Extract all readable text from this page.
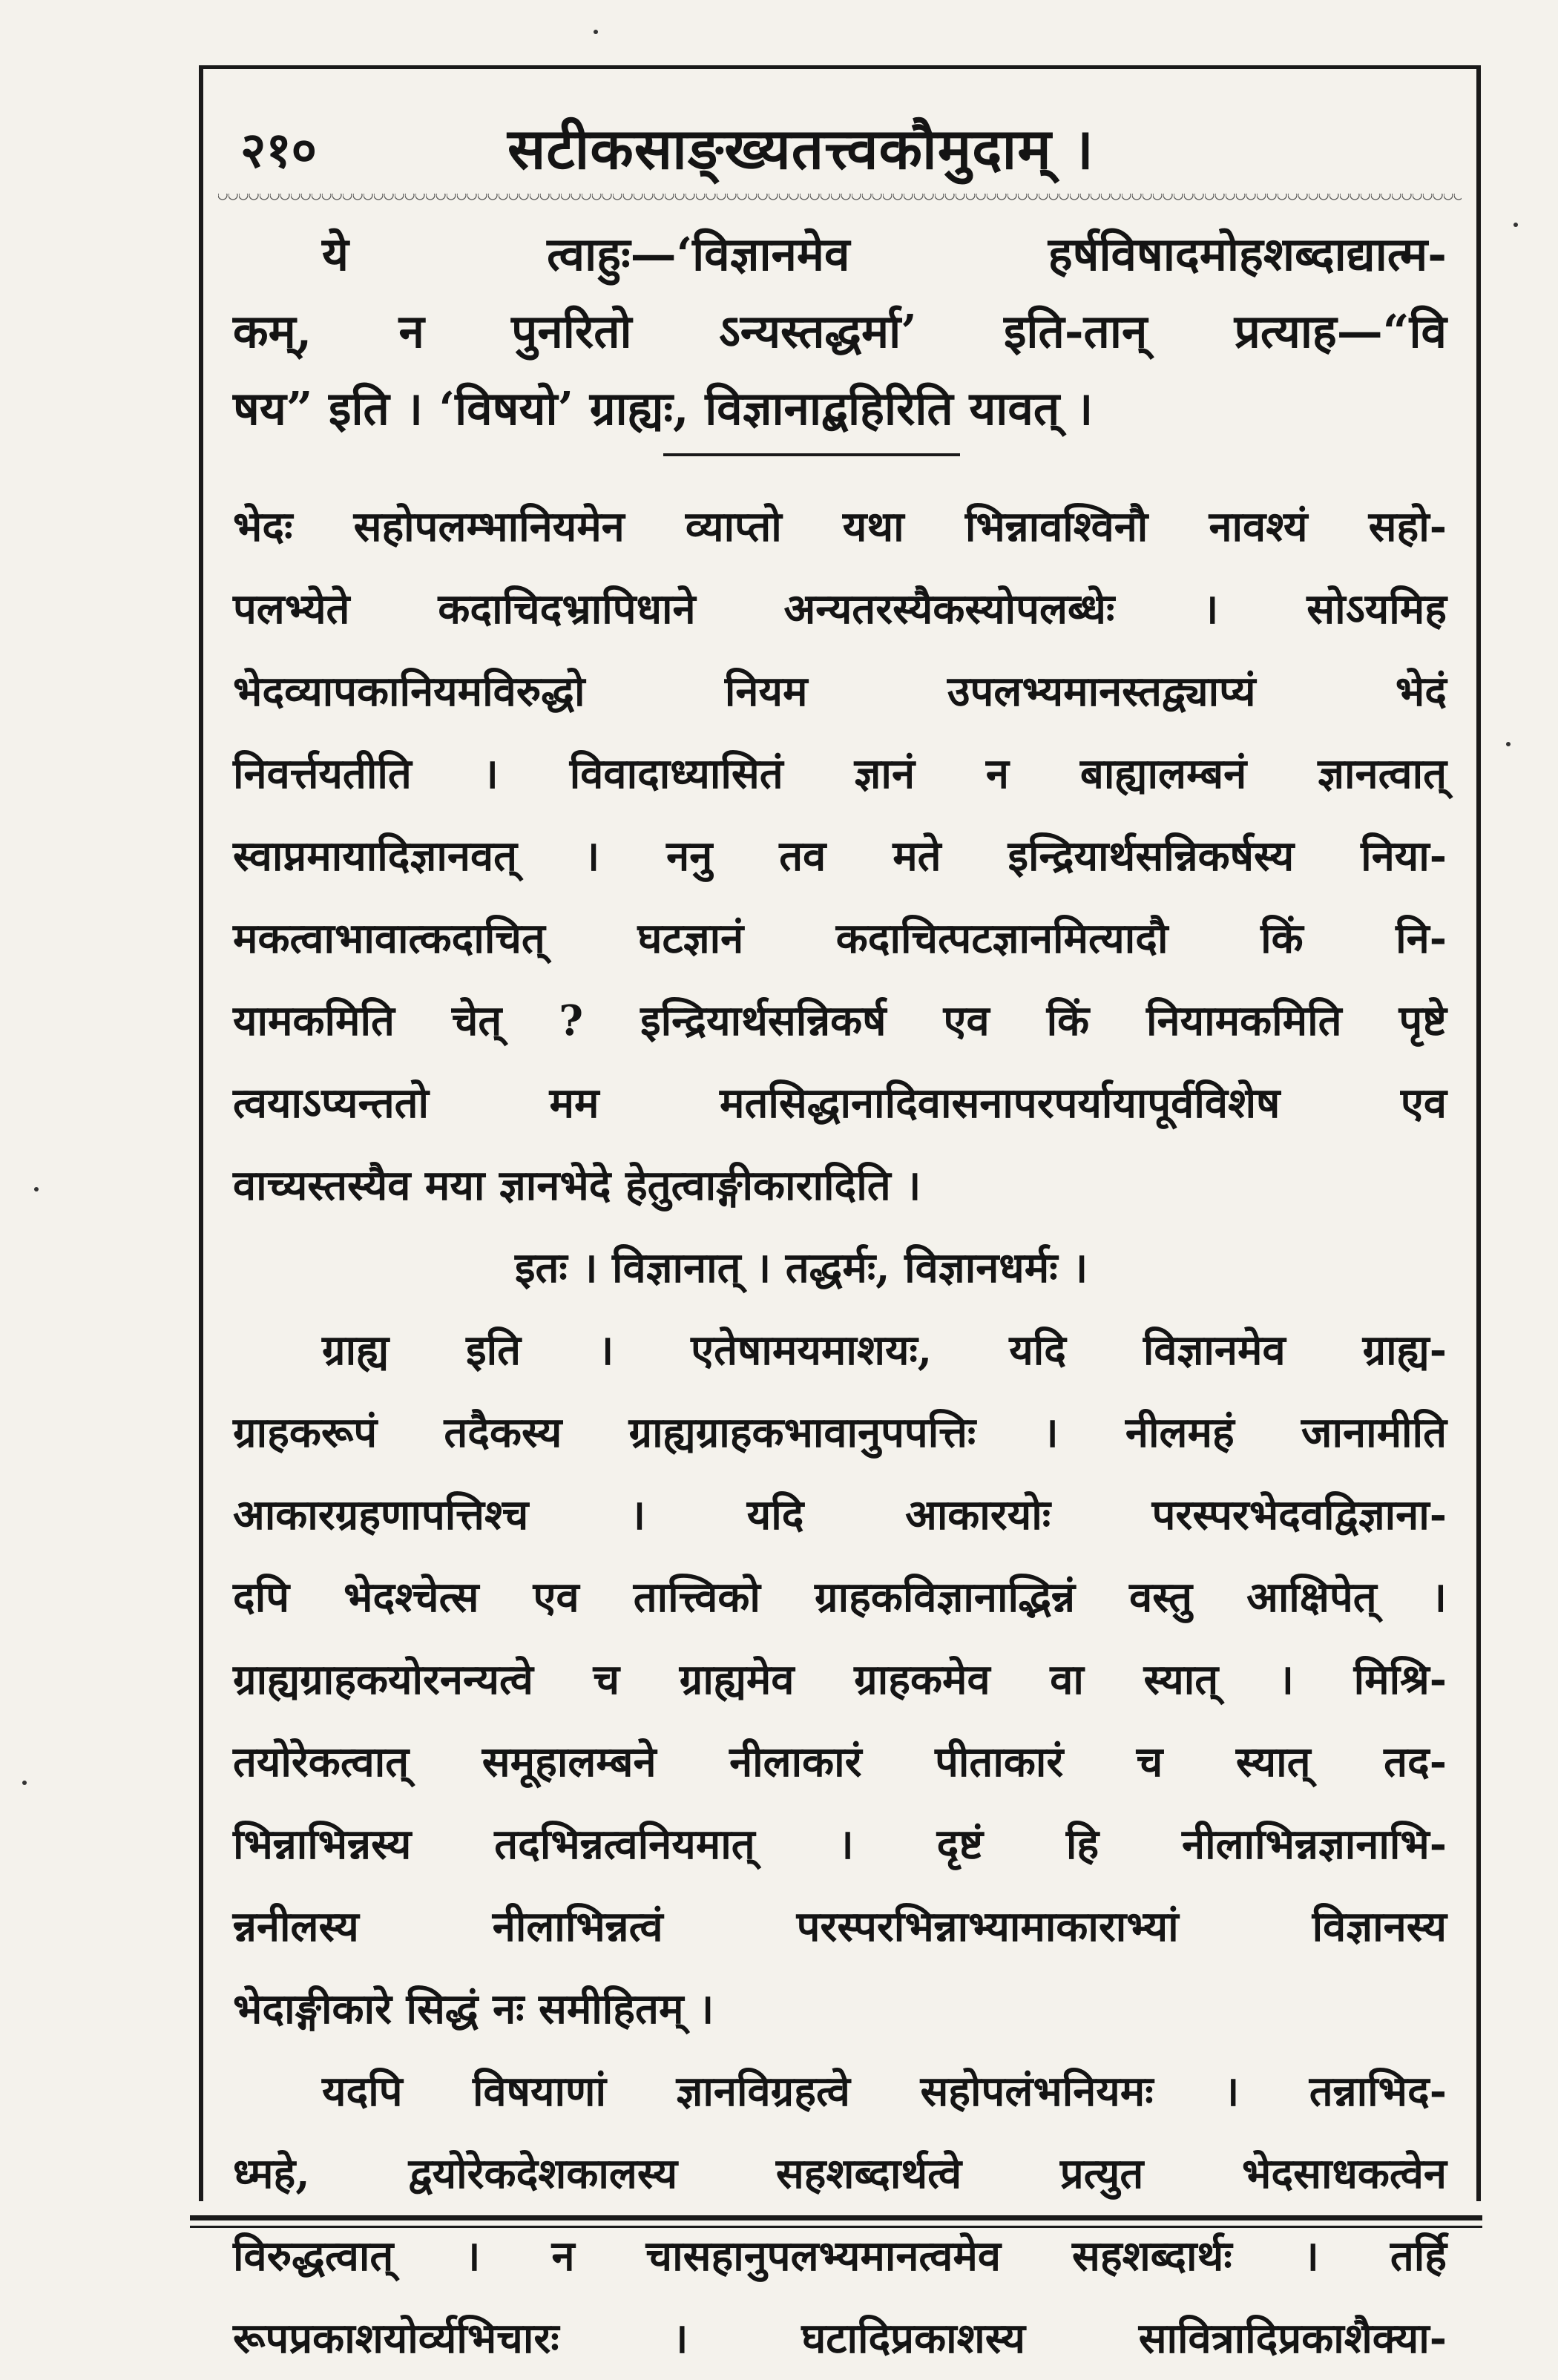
२१०	सटीकसाङ्ख्यतत्त्वकौमुदाम् ।

ये त्वाहुः—‘विज्ञानमेव हर्षविषादमोहशब्दाद्यात्म-

कम्, न पुनरितो ऽन्यस्तद्धर्मा’ इति-तान् प्रत्याह—“वि

षय” इति । ‘विषयो’ ग्राह्यः, विज्ञानाद्बहिरिति यावत् ।

भेदः सहोपलम्भानियमेन व्याप्तो यथा भिन्नावश्विनौ नावश्यं सहो-

पलभ्येते कदाचिदभ्रापिधाने अन्यतरस्यैकस्योपलब्धेः । सोऽयमिह

भेदव्यापकानियमविरुद्धो नियम उपलभ्यमानस्तद्व्याप्यं भेदं

निवर्त्तयतीति । विवादाध्यासितं ज्ञानं न बाह्यालम्बनं ज्ञानत्वात्

स्वाप्नमायादिज्ञानवत् । ननु तव मते इन्द्रियार्थसन्निकर्षस्य निया-

मकत्वाभावात्कदाचित् घटज्ञानं कदाचित्पटज्ञानमित्यादौ किं नि-

यामकमिति चेत् ? इन्द्रियार्थसन्निकर्ष एव किं नियामकमिति पृष्टे

त्वयाऽप्यन्ततो मम मतसिद्धानादिवासनापरपर्यायापूर्वविशेष एव

वाच्यस्तस्यैव मया ज्ञानभेदे हेतुत्वाङ्गीकारादिति ।

इतः । विज्ञानात् । तद्धर्मः, विज्ञानधर्मः ।

ग्राह्य इति । एतेषामयमाशयः, यदि विज्ञानमेव ग्राह्य-

ग्राहकरूपं तदैकस्य ग्राह्यग्राहकभावानुपपत्तिः । नीलमहं जानामीति

आकारग्रहणापत्तिश्च । यदि आकारयोः परस्परभेदवद्विज्ञाना-

दपि भेदश्चेत्स एव तात्त्विको ग्राहकविज्ञानाद्भिन्नं वस्तु आक्षिपेत् ।

ग्राह्यग्राहकयोरनन्यत्वे च ग्राह्यमेव ग्राहकमेव वा स्यात् । मिश्रि-

तयोरेकत्वात् समूहालम्बने नीलाकारं पीताकारं च स्यात् तद-

भिन्नाभिन्नस्य तदभिन्नत्वनियमात् । दृष्टं हि नीलाभिन्नज्ञानाभि-

न्ननीलस्य नीलाभिन्नत्वं परस्परभिन्नाभ्यामाकाराभ्यां विज्ञानस्य

भेदाङ्गीकारे सिद्धं नः समीहितम् ।

यदपि विषयाणां ज्ञानविग्रहत्वे सहोपलंभनियमः । तन्नाभिद-

ध्महे, द्वयोरेकदेशकालस्य सहशब्दार्थत्वे प्रत्युत भेदसाधकत्वेन

विरुद्धत्वात् । न चासहानुपलभ्यमानत्वमेव सहशब्दार्थः । तर्हि

रूपप्रकाशयोर्व्यभिचारः । घटादिप्रकाशस्य सावित्रादिप्रकाशैक्या-
